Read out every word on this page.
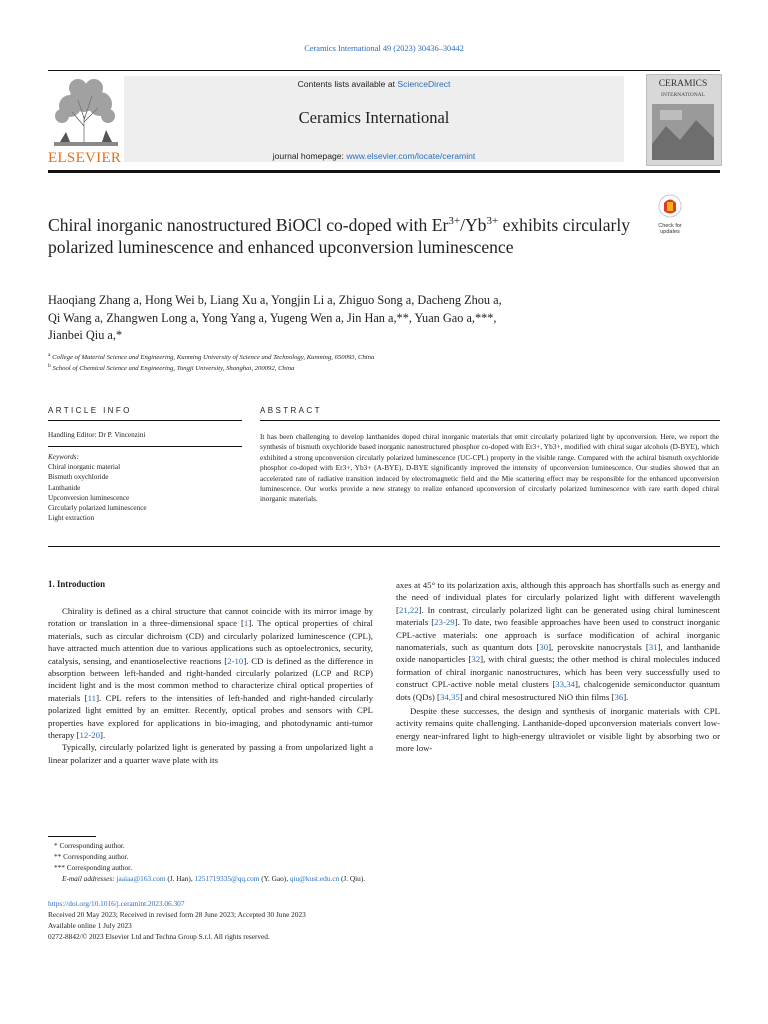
Ceramics International 49 (2023) 30436–30442
ELSEVIER
Contents lists available at ScienceDirect
Ceramics International
journal homepage: www.elsevier.com/locate/ceramint
CERAMICS
INTERNATIONAL
Check for updates
Chiral inorganic nanostructured BiOCl co-doped with $Er^{3+}/Yb^{3+}$ exhibits circularly polarized luminescence and enhanced upconversion luminescence
Haoqiang Zhang a, Hong Wei b, Liang Xu a, Yongjin Li a, Zhiguo Song a, Dacheng Zhou a,
Qi Wang a, Zhangwen Long a, Yong Yang a, Yugeng Wen a, Jin Han a,**, Yuan Gao a,***,
Jianbei Qiu a,*
$^a$ College of Material Science and Engineering, Kunming University of Science and Technology, Kunming, 650093, China
$^b$ School of Chemical Science and Engineering, Tongji University, Shanghai, 200092, China
ARTICLE INFO
Handling Editor: Dr P. Vincenzini
Keywords:
Chiral inorganic material
Bismuth oxychloride
Lanthanide
Upconversion luminescence
Circularly polarized luminescence
Light extraction
ABSTRACT
It has been challenging to develop lanthanides doped chiral inorganic materials that emit circularly polarized light by upconversion. Here, we report the synthesis of bismuth oxychloride based inorganic nanostructured phosphor co-doped with Er3+, Yb3+, modified with chiral sugar alcohols (D-BYE), which exhibited a strong upconversion circularly polarized luminescence (UC-CPL) property in the visible range. Compared with the achiral bismuth oxychloride phosphor co-doped with Er3+, Yb3+ (A-BYE), D-BYE significantly improved the intensity of upconversion luminescence. Our studies showed that an accelerated rate of radiative transition induced by electromagnetic field and the Mie scattering effect may be responsible for the enhanced upconversion luminescence. Our works provide a new strategy to realize enhanced upconversion of circularly polarized luminescence with rare earth doped chiral inorganic materials.
1. Introduction

Chirality is defined as a chiral structure that cannot coincide with its mirror image by rotation or translation in a three-dimensional space [1]. The optical properties of chiral materials, such as circular dichroism (CD) and circularly polarized luminescence (CPL), have attracted much attention due to various applications such as optoelectronics, security, catalysis, sensing, and enantioselective reactions [2-10]. CD is defined as the difference in absorption between left-handed and right-handed circularly polarized (LCP and RCP) incident light and is the most common method to characterize chiral optical properties of materials [11]. CPL refers to the intensities of left-handed and right-handed circularly polarized light emitted by an emitter. Recently, optical probes and sensors with CPL properties have explored for applications in bio-imaging, and photodynamic anti-tumor therapy [12-20].

Typically, circularly polarized light is generated by passing a from unpolarized light a linear polarizer and a quarter wave plate with its

axes at 45° to its polarization axis, although this approach has shortfalls such as energy and the need of individual plates for circularly polarized light with different wavelength [21,22]. In contrast, circularly polarized light can be generated using chiral luminescent materials [23-29]. To date, two feasible approaches have been used to construct inorganic CPL-active materials: one approach is surface modification of achiral inorganic nanomaterials, such as quantum dots [30], perovskite nanocrystals [31], and lanthanide oxide nanoparticles [32], with chiral guests; the other method is chiral molecules induced formation of chiral inorganic nanostructures, which has been very successfully used to construct CPL-active noble metal clusters [33,34], chalcogenide semiconductor quantum dots (QDs) [34,35] and chiral mesostructured NiO thin films [36].

Despite these successes, the design and synthesis of inorganic materials with CPL activity remains quite challenging. Lanthanide-doped upconversion materials convert low-energy near-infrared light to high-energy ultraviolet or visible light by absorbing two or more low-

* Corresponding author.
** Corresponding author.
*** Corresponding author.
E-mail addresses: jaaiaa@163.com (J. Han), 1251719335@qq.com (Y. Gao), qiu@kust.edu.cn (J. Qiu).
https://doi.org/10.1016/j.ceramint.2023.06.307
Received 20 May 2023; Received in revised form 28 June 2023; Accepted 30 June 2023
Available online 1 July 2023
0272-8842/© 2023 Elsevier Ltd and Techna Group S.r.l. All rights reserved.
